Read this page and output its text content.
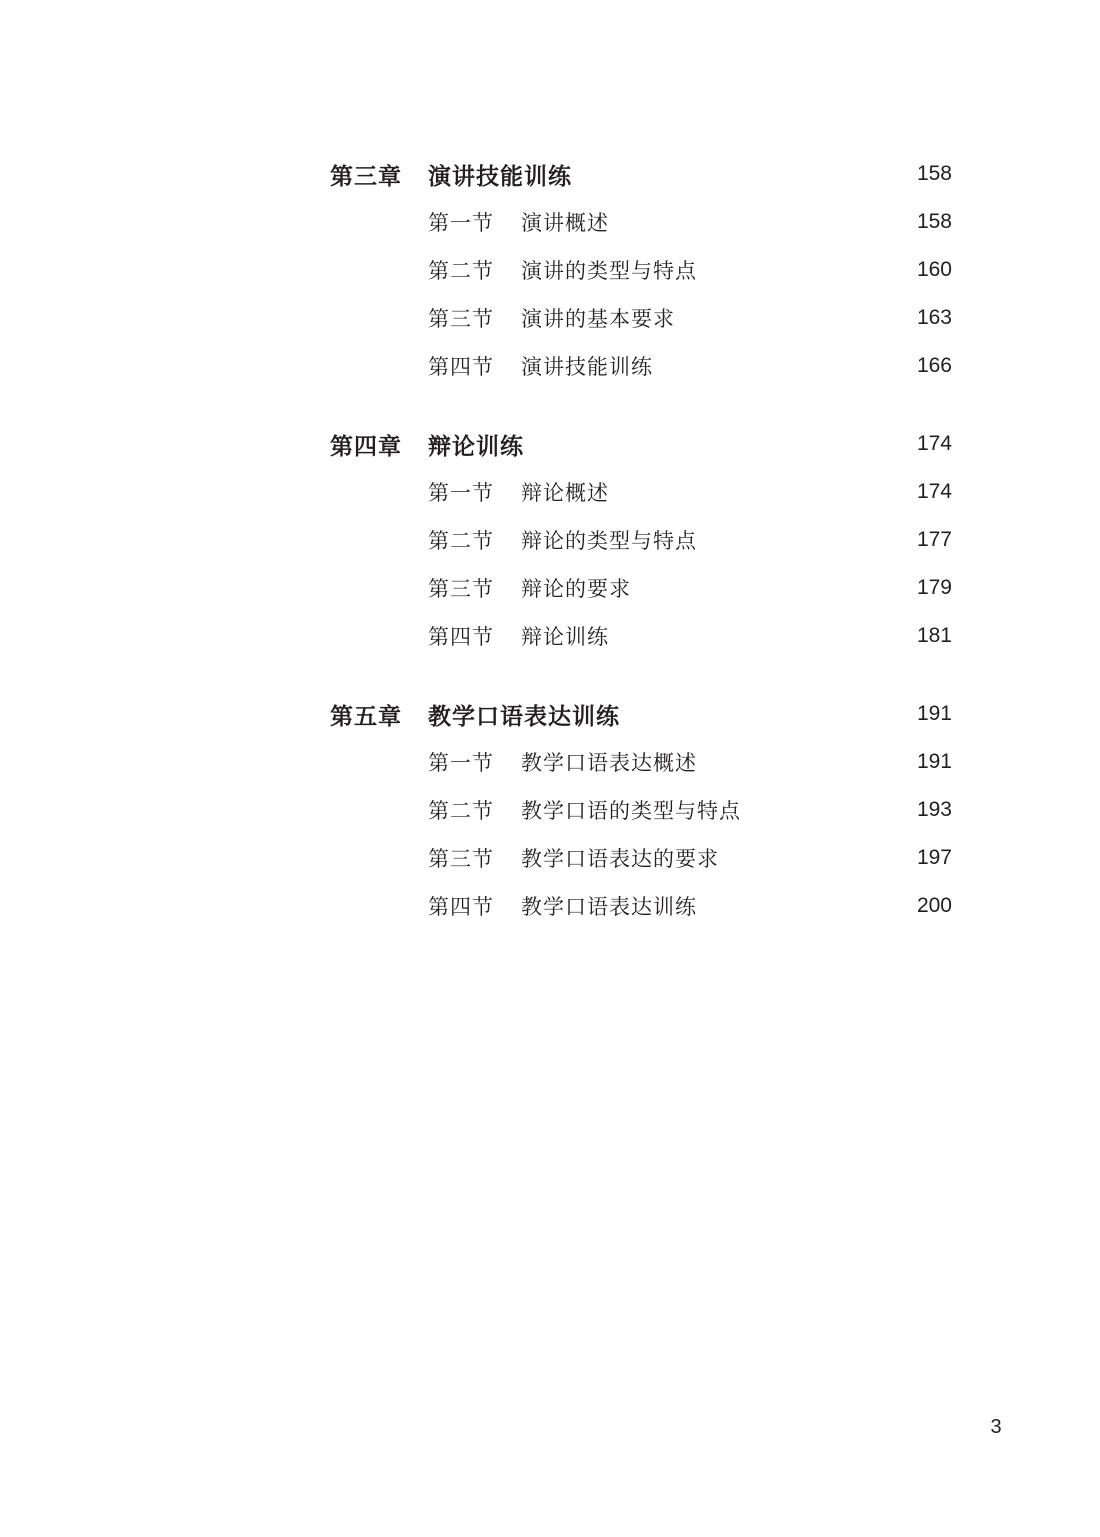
第三章	演讲技能训练	158
第一节	演讲概述	158
第二节	演讲的类型与特点	160
第三节	演讲的基本要求	163
第四节	演讲技能训练	166
第四章	辩论训练	174
第一节	辩论概述	174
第二节	辩论的类型与特点	177
第三节	辩论的要求	179
第四节	辩论训练	181
第五章	教学口语表达训练	191
第一节	教学口语表达概述	191
第二节	教学口语的类型与特点	193
第三节	教学口语表达的要求	197
第四节	教学口语表达训练	200
3
